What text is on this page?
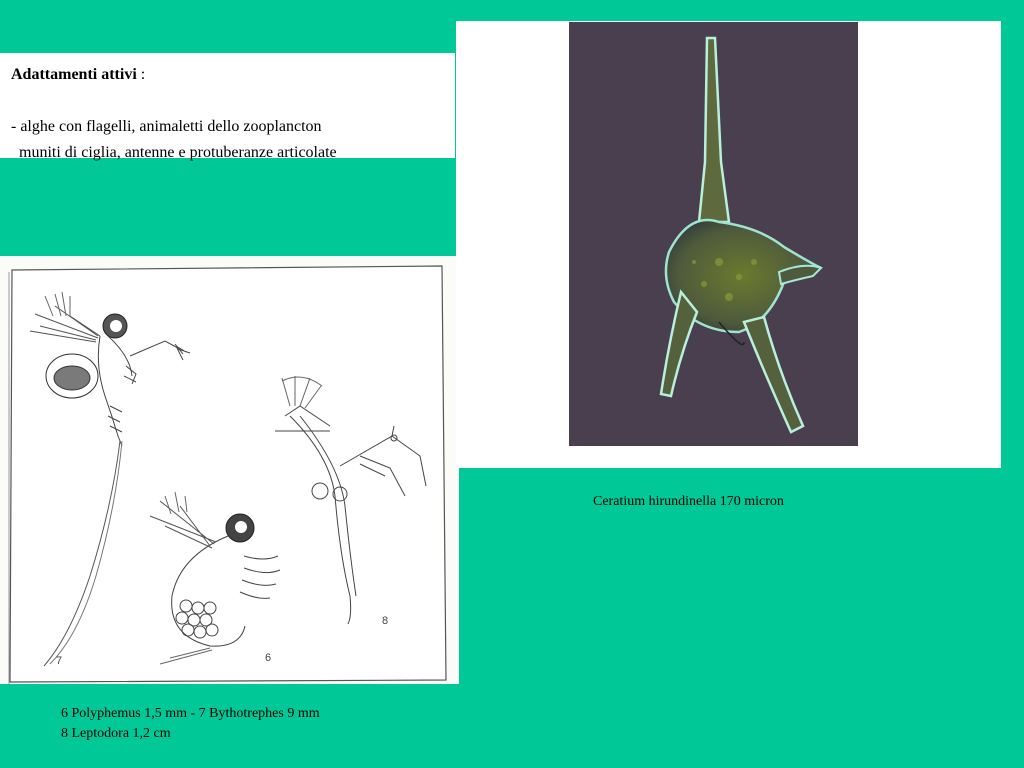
Adattamenti attivi :
- alghe con flagelli, animaletti dello zooplancton
muniti di ciglia, antenne e protuberanze articolate
7	6
8
Ceratium hirundinella 170 micron
6 Polyphemus 1,5 mm - 7 Bythotrephes 9 mm
8 Leptodora 1,2 cm
